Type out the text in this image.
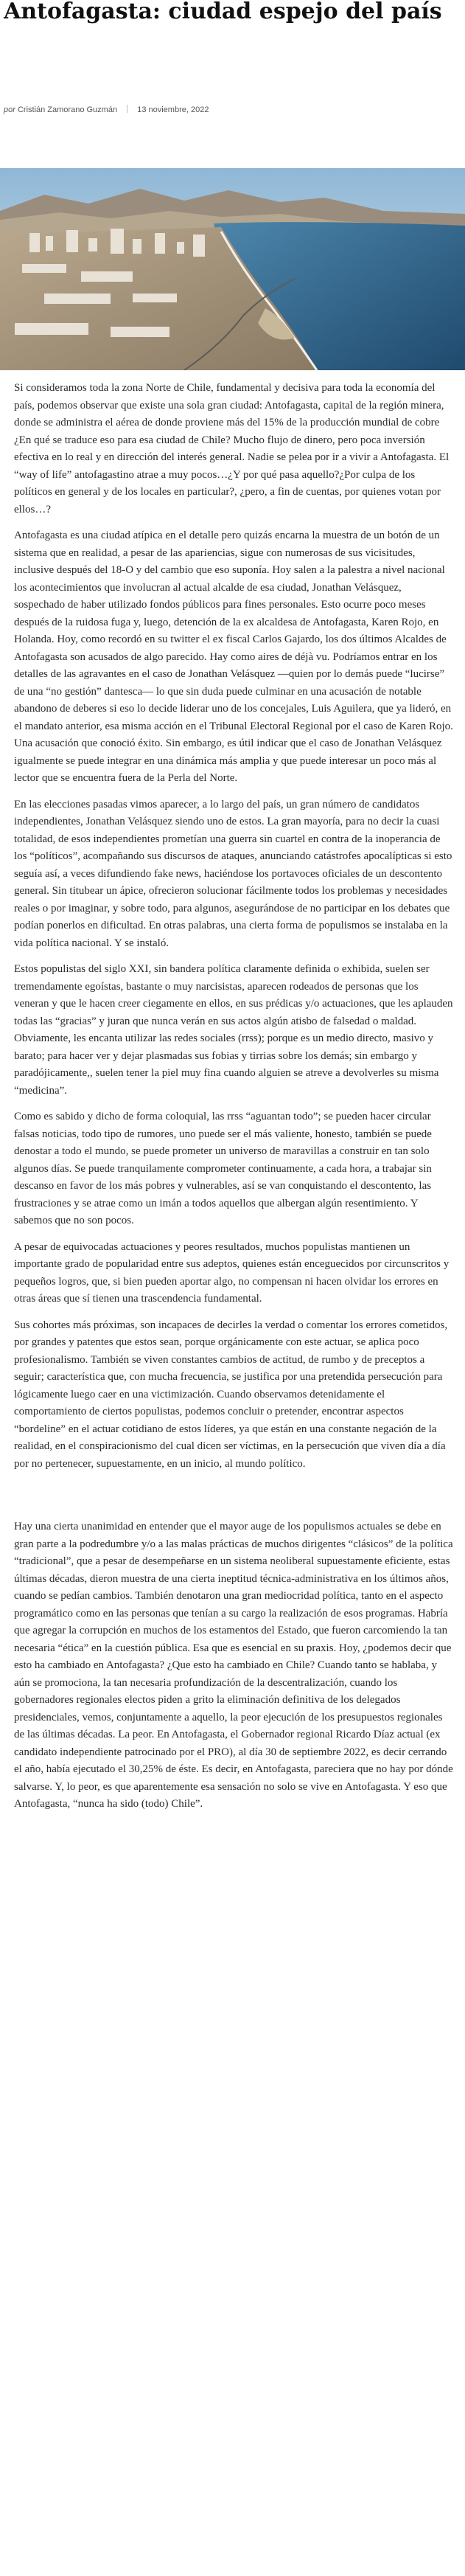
Antofagasta: ciudad espejo del país
por Cristián Zamorano Guzmán 13 noviembre, 2022

Si consideramos toda la zona Norte de Chile, fundamental y decisiva para toda la economía del país, podemos observar que existe una sola gran ciudad: Antofagasta, capital de la región minera, donde se administra el aérea de donde proviene más del 15% de la producción mundial de cobre ¿En qué se traduce eso para esa ciudad de Chile? Mucho flujo de dinero, pero poca inversión efectiva en lo real y en dirección del interés general. Nadie se pelea por ir a vivir a Antofagasta. El “way of life” antofagastino atrae a muy pocos…¿Y por qué pasa aquello?¿Por culpa de los políticos en general y de los locales en particular?, ¿pero, a fin de cuentas, por quienes votan por ellos…?

Antofagasta es una ciudad atípica en el detalle pero quizás encarna la muestra de un botón de un sistema que en realidad, a pesar de las apariencias, sigue con numerosas de sus vicisitudes, inclusive después del 18-O y del cambio que eso suponía. Hoy salen a la palestra a nivel nacional los acontecimientos que involucran al actual alcalde de esa ciudad, Jonathan Velásquez, sospechado de haber utilizado fondos públicos para fines personales. Esto ocurre poco meses después de la ruidosa fuga y, luego, detención de la ex alcaldesa de Antofagasta, Karen Rojo, en Holanda. Hoy, como recordó en su twitter el ex fiscal Carlos Gajardo, los dos últimos Alcaldes de Antofagasta son acusados de algo parecido. Hay como aires de déjà vu. Podríamos entrar en los detalles de las agravantes en el caso de Jonathan Velásquez —quien por lo demás puede “lucirse” de una “no gestión” dantesca— lo que sin duda puede culminar en una acusación de notable abandono de deberes si eso lo decide liderar uno de los concejales, Luis Aguilera, que ya lideró, en el mandato anterior, esa misma acción en el Tribunal Electoral Regional por el caso de Karen Rojo. Una acusación que conoció éxito. Sin embargo, es útil indicar que el caso de Jonathan Velásquez igualmente se puede integrar en una dinámica más amplia y que puede interesar un poco más al lector que se encuentra fuera de la Perla del Norte.

En las elecciones pasadas vimos aparecer, a lo largo del país, un gran número de candidatos independientes, Jonathan Velásquez siendo uno de estos. La gran mayoría, para no decir la cuasi totalidad, de esos independientes prometían una guerra sin cuartel en contra de la inoperancia de los “políticos”, acompañando sus discursos de ataques, anunciando catástrofes apocalípticas si esto seguía así, a veces difundiendo fake news, haciéndose los portavoces oficiales de un descontento general. Sin titubear un ápice, ofrecieron solucionar fácilmente todos los problemas y necesidades reales o por imaginar, y sobre todo, para algunos, asegurándose de no participar en los debates que podían ponerlos en dificultad. En otras palabras, una cierta forma de populismos se instalaba en la vida política nacional. Y se instaló.

Estos populistas del siglo XXI, sin bandera política claramente definida o exhibida, suelen ser tremendamente egoístas, bastante o muy narcisistas, aparecen rodeados de personas que los veneran y que le hacen creer ciegamente en ellos, en sus prédicas y/o actuaciones, que les aplauden todas las “gracias” y juran que nunca verán en sus actos algún atisbo de falsedad o maldad. Obviamente, les encanta utilizar las redes sociales (rrss); porque es un medio directo, masivo y barato; para hacer ver y dejar plasmadas sus fobias y tirrias sobre los demás; sin embargo y paradójicamente,, suelen tener la piel muy fina cuando alguien se atreve a devolverles su misma “medicina”.

Como es sabido y dicho de forma coloquial, las rrss “aguantan todo”; se pueden hacer circular falsas noticias, todo tipo de rumores, uno puede ser el más valiente, honesto, también se puede denostar a todo el mundo, se puede prometer un universo de maravillas a construir en tan solo algunos días. Se puede tranquilamente comprometer continuamente, a cada hora, a trabajar sin descanso en favor de los más pobres y vulnerables, así se van conquistando el descontento, las frustraciones y se atrae como un imán a todos aquellos que albergan algún resentimiento. Y sabemos que no son pocos.

A pesar de equivocadas actuaciones y peores resultados, muchos populistas mantienen un importante grado de popularidad entre sus adeptos, quienes están enceguecidos por circunscritos y pequeños logros, que, si bien pueden aportar algo, no compensan ni hacen olvidar los errores en otras áreas que sí tienen una trascendencia fundamental.

Sus cohortes más próximas, son incapaces de decirles la verdad o comentar los errores cometidos, por grandes y patentes que estos sean, porque orgánicamente con este actuar, se aplica poco profesionalismo. También se viven constantes cambios de actitud, de rumbo y de preceptos a seguir; característica que, con mucha frecuencia, se justifica por una pretendida persecución para lógicamente luego caer en una victimización. Cuando observamos detenidamente el comportamiento de ciertos populistas, podemos concluir o pretender, encontrar aspectos “bordeline” en el actuar cotidiano de estos líderes, ya que están en una constante negación de la realidad, en el conspiracionismo del cual dicen ser víctimas, en la persecución que viven día a día por no pertenecer, supuestamente, en un inicio, al mundo político.

Hay una cierta unanimidad en entender que el mayor auge de los populismos actuales se debe en gran parte a la podredumbre y/o a las malas prácticas de muchos dirigentes “clásicos” de la política “tradicional”, que a pesar de desempeñarse en un sistema neoliberal supuestamente eficiente, estas últimas décadas, dieron muestra de una cierta ineptitud técnica-administrativa en los últimos años, cuando se pedían cambios. También denotaron una gran mediocridad política, tanto en el aspecto programático como en las personas que tenían a su cargo la realización de esos programas. Habría que agregar la corrupción en muchos de los estamentos del Estado, que fueron carcomiendo la tan necesaria “ética” en la cuestión pública. Esa que es esencial en su praxis. Hoy, ¿podemos decir que esto ha cambiado en Antofagasta? ¿Que esto ha cambiado en Chile? Cuando tanto se hablaba, y aún se promociona, la tan necesaria profundización de la descentralización, cuando los gobernadores regionales electos piden a grito la eliminación definitiva de los delegados presidenciales, vemos, conjuntamente a aquello, la peor ejecución de los presupuestos regionales de las últimas décadas. La peor. En Antofagasta, el Gobernador regional Ricardo Díaz actual (ex candidato independiente patrocinado por el PRO), al día 30 de septiembre 2022, es decir cerrando el año, había ejecutado el 30,25% de éste. Es decir, en Antofagasta, pareciera que no hay por dónde salvarse. Y, lo peor, es que aparentemente esa sensación no solo se vive en Antofagasta. Y eso que Antofagasta, “nunca ha sido (todo) Chile”.
